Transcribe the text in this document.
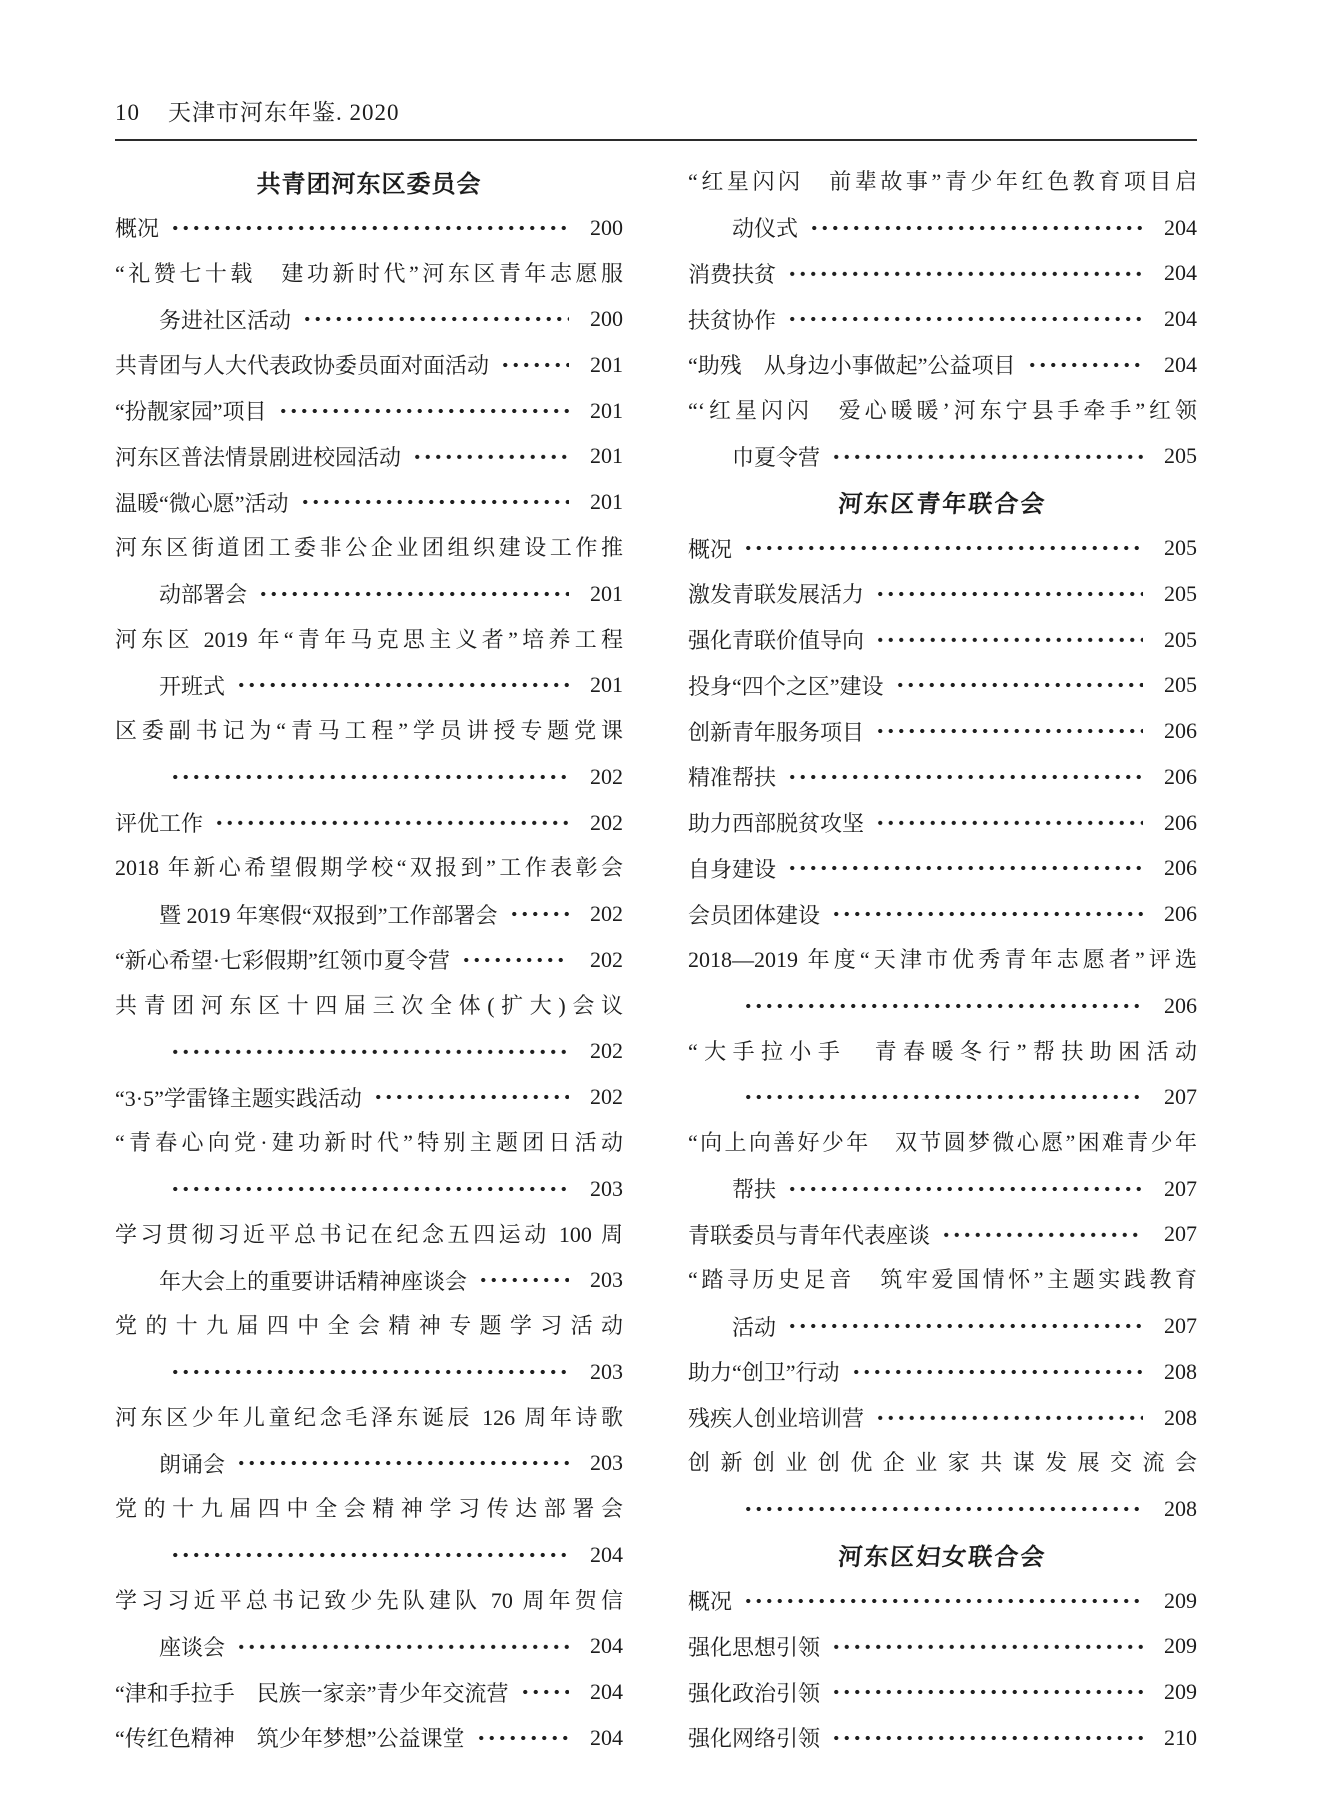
10 天津市河东年鉴. 2020
共青团河东区委员会
概况	200
“礼赞七十载　建功新时代”河东区青年志愿服
务进社区活动	200
共青团与人大代表政协委员面对面活动	201
“扮靓家园”项目	201
河东区普法情景剧进校园活动	201
温暖“微心愿”活动	201
河东区街道团工委非公企业团组织建设工作推
动部署会	201
河东区 2019 年“青年马克思主义者”培养工程
开班式	201
区委副书记为“青马工程”学员讲授专题党课
202
评优工作	202
2018 年新心希望假期学校“双报到”工作表彰会
暨 2019 年寒假“双报到”工作部署会	202
“新心希望·七彩假期”红领巾夏令营	202
共青团河东区十四届三次全体(扩大)会议
202
“3·5”学雷锋主题实践活动	202
“青春心向党·建功新时代”特别主题团日活动
203
学习贯彻习近平总书记在纪念五四运动 100 周
年大会上的重要讲话精神座谈会	203
党的十九届四中全会精神专题学习活动
203
河东区少年儿童纪念毛泽东诞辰 126 周年诗歌
朗诵会	203
党的十九届四中全会精神学习传达部署会
204
学习习近平总书记致少先队建队 70 周年贺信
座谈会	204
“津和手拉手　民族一家亲”青少年交流营	204
“传红色精神　筑少年梦想”公益课堂	204
“红星闪闪　前辈故事”青少年红色教育项目启
动仪式	204
消费扶贫	204
扶贫协作	204
“助残　从身边小事做起”公益项目	204
“‘红星闪闪　爱心暖暖’河东宁县手牵手”红领
巾夏令营	205
河东区青年联合会
概况	205
激发青联发展活力	205
强化青联价值导向	205
投身“四个之区”建设	205
创新青年服务项目	206
精准帮扶	206
助力西部脱贫攻坚	206
自身建设	206
会员团体建设	206
2018—2019 年度“天津市优秀青年志愿者”评选
206
“大手拉小手　青春暖冬行”帮扶助困活动
207
“向上向善好少年　双节圆梦微心愿”困难青少年
帮扶	207
青联委员与青年代表座谈	207
“踏寻历史足音　筑牢爱国情怀”主题实践教育
活动	207
助力“创卫”行动	208
残疾人创业培训营	208
创新创业创优企业家共谋发展交流会
208
河东区妇女联合会
概况	209
强化思想引领	209
强化政治引领	209
强化网络引领	210
